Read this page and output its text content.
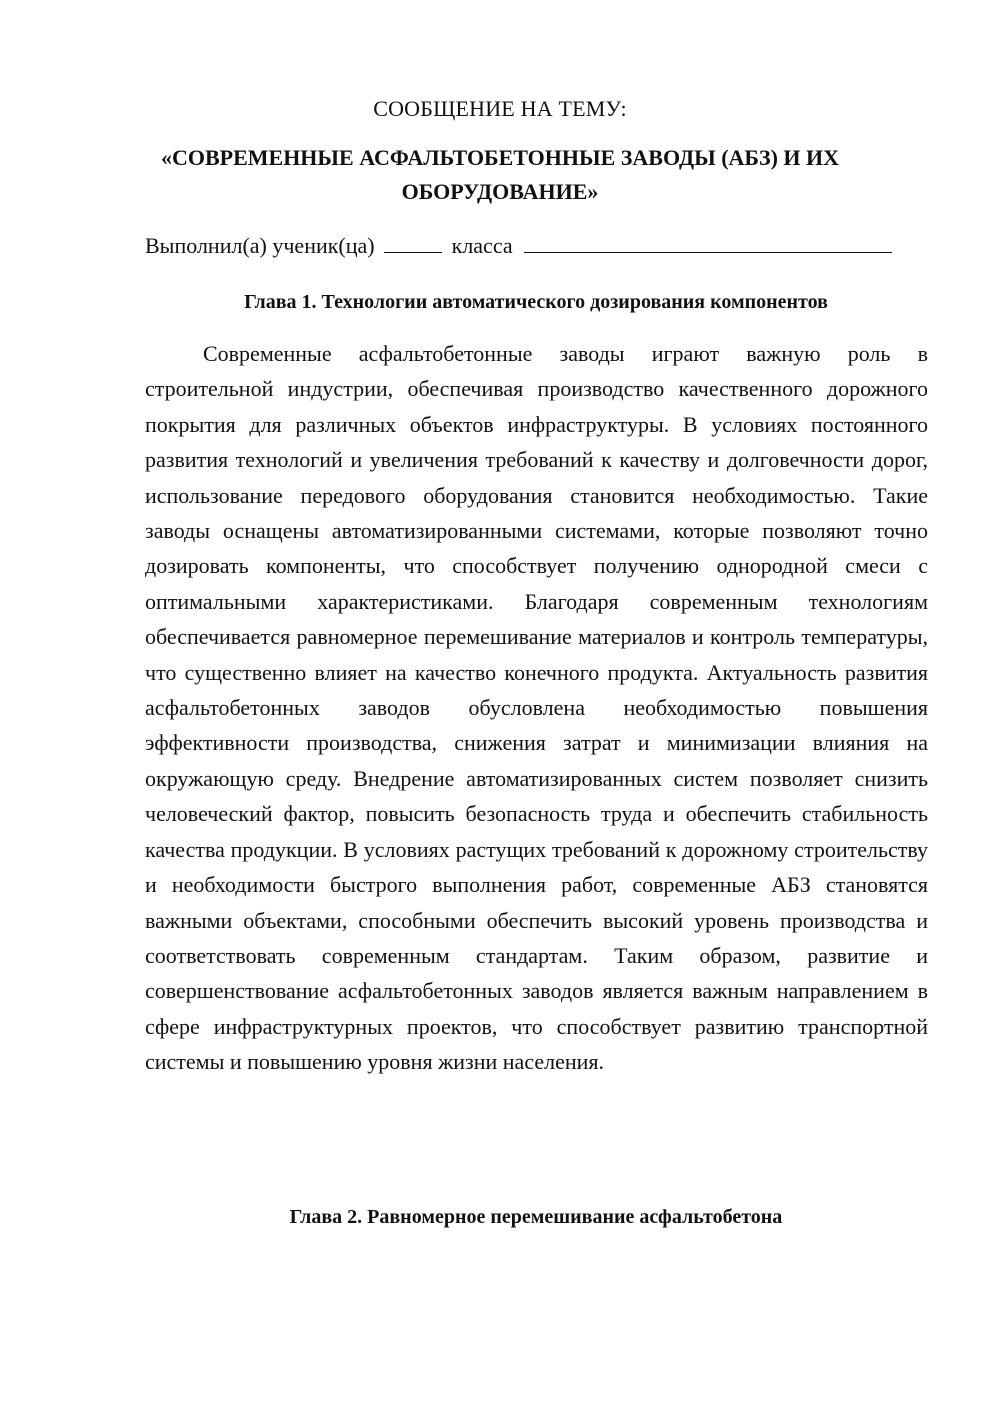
СООБЩЕНИЕ НА ТЕМУ:
«СОВРЕМЕННЫЕ АСФАЛЬТОБЕТОННЫЕ ЗАВОДЫ (АБЗ) И ИХ ОБОРУДОВАНИЕ»
Выполнил(а) ученик(ца)	класса
Глава 1. Технологии автоматического дозирования компонентов

Современные асфальтобетонные заводы играют важную роль в строительной индустрии, обеспечивая производство качественного дорожного покрытия для различных объектов инфраструктуры. В условиях постоянного развития технологий и увеличения требований к качеству и долговечности дорог, использование передового оборудования становится необходимостью. Такие заводы оснащены автоматизированными системами, которые позволяют точно дозировать компоненты, что способствует получению однородной смеси с оптимальными характеристиками. Благодаря современным технологиям обеспечивается равномерное перемешивание материалов и контроль температуры, что существенно влияет на качество конечного продукта. Актуальность развития асфальтобетонных заводов обусловлена необходимостью повышения эффективности производства, снижения затрат и минимизации влияния на окружающую среду. Внедрение автоматизированных систем позволяет снизить человеческий фактор, повысить безопасность труда и обеспечить стабильность качества продукции. В условиях растущих требований к дорожному строительству и необходимости быстрого выполнения работ, современные АБЗ становятся важными объектами, способными обеспечить высокий уровень производства и соответствовать современным стандартам. Таким образом, развитие и совершенствование асфальтобетонных заводов является важным направлением в сфере инфраструктурных проектов, что способствует развитию транспортной системы и повышению уровня жизни населения.

Глава 2. Равномерное перемешивание асфальтобетона
